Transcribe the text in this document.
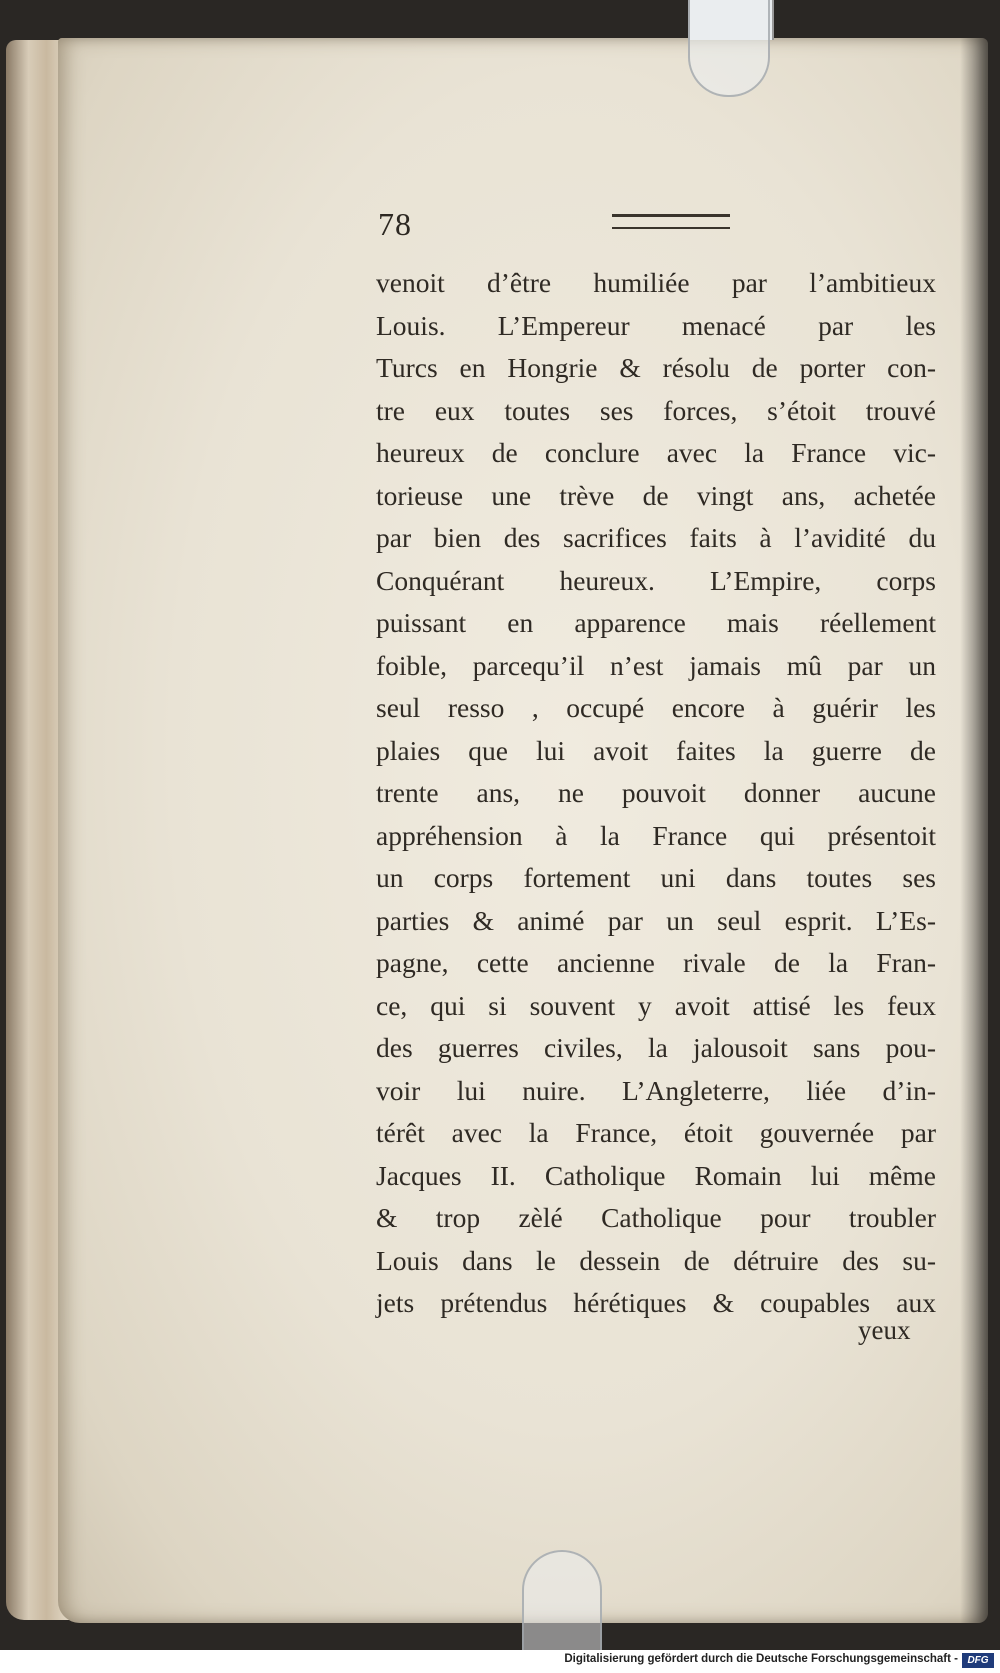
78
venoit d’être humiliée par l’ambitieux
Louis. L’Empereur menacé par les
Turcs en Hongrie & résolu de porter con-
tre eux toutes ses forces, s’étoit trouvé
heureux de conclure avec la France vic-
torieuse une trève de vingt ans, achetée
par bien des sacrifices faits à l’avidité du
Conquérant heureux. L’Empire, corps
puissant en apparence mais réellement
foible, parcequ’il n’est jamais mû par un
seul resso , occupé encore à guérir les
plaies que lui avoit faites la guerre de
trente ans, ne pouvoit donner aucune
appréhension à la France qui présentoit
un corps fortement uni dans toutes ses
parties & animé par un seul esprit. L’Es-
pagne, cette ancienne rivale de la Fran-
ce, qui si souvent y avoit attisé les feux
des guerres civiles, la jalousoit sans pou-
voir lui nuire. L’Angleterre, liée d’in-
térêt avec la France, étoit gouvernée par
Jacques II. Catholique Romain lui même
& trop zèlé Catholique pour troubler
Louis dans le dessein de détruire des su-
jets prétendus hérétiques & coupables aux
yeux
Digitalisierung gefördert durch die Deutsche Forschungsgemeinschaft - DFG
